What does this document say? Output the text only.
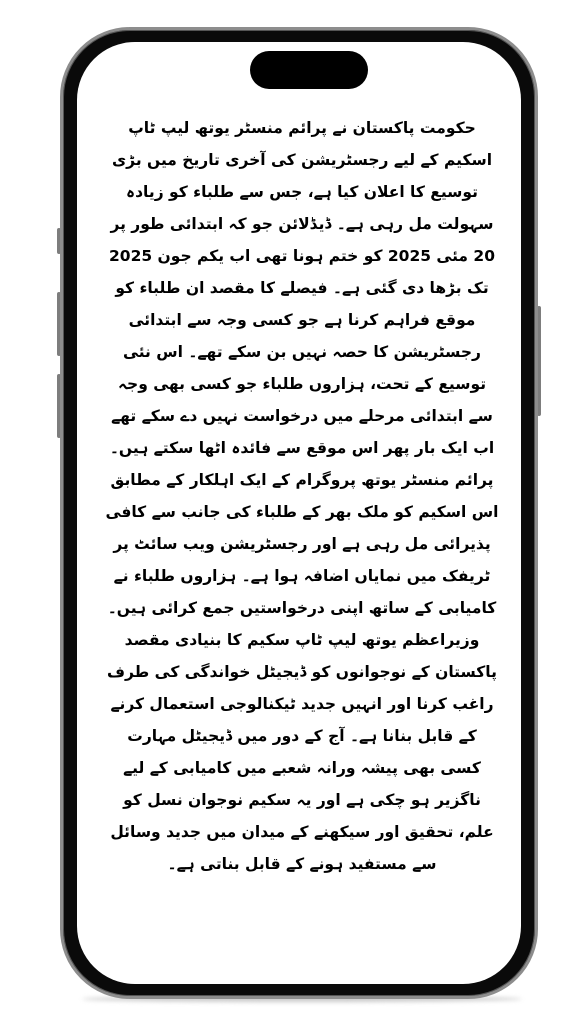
حکومت پاکستان نے پرائم منسٹر یوتھ لیپ ٹاپ اسکیم کے لیے رجسٹریشن کی آخری تاریخ میں بڑی توسیع کا اعلان کیا ہے، جس سے طلباء کو زیادہ سہولت مل رہی ہے۔ ڈیڈلائن جو کہ ابتدائی طور پر 20 مئی 2025 کو ختم ہونا تھی اب یکم جون 2025 تک بڑھا دی گئی ہے۔ فیصلے کا مقصد ان طلباء کو موقع فراہم کرنا ہے جو کسی وجہ سے ابتدائی رجسٹریشن کا حصہ نہیں بن سکے تھے۔ اس نئی توسیع کے تحت، ہزاروں طلباء جو کسی بھی وجہ سے ابتدائی مرحلے میں درخواست نہیں دے سکے تھے اب ایک بار پھر اس موقع سے فائدہ اٹھا سکتے ہیں۔ پرائم منسٹر یوتھ پروگرام کے ایک اہلکار کے مطابق اس اسکیم کو ملک بھر کے طلباء کی جانب سے کافی پذیرائی مل رہی ہے اور رجسٹریشن ویب سائٹ پر ٹریفک میں نمایاں اضافہ ہوا ہے۔ ہزاروں طلباء نے کامیابی کے ساتھ اپنی درخواستیں جمع کرائی ہیں۔

وزیراعظم یوتھ لیپ ٹاپ سکیم کا بنیادی مقصد پاکستان کے نوجوانوں کو ڈیجیٹل خواندگی کی طرف راغب کرنا اور انہیں جدید ٹیکنالوجی استعمال کرنے کے قابل بنانا ہے۔ آج کے دور میں ڈیجیٹل مہارت کسی بھی پیشہ ورانہ شعبے میں کامیابی کے لیے ناگزیر ہو چکی ہے اور یہ سکیم نوجوان نسل کو علم، تحقیق اور سیکھنے کے میدان میں جدید وسائل سے مستفید ہونے کے قابل بناتی ہے۔
